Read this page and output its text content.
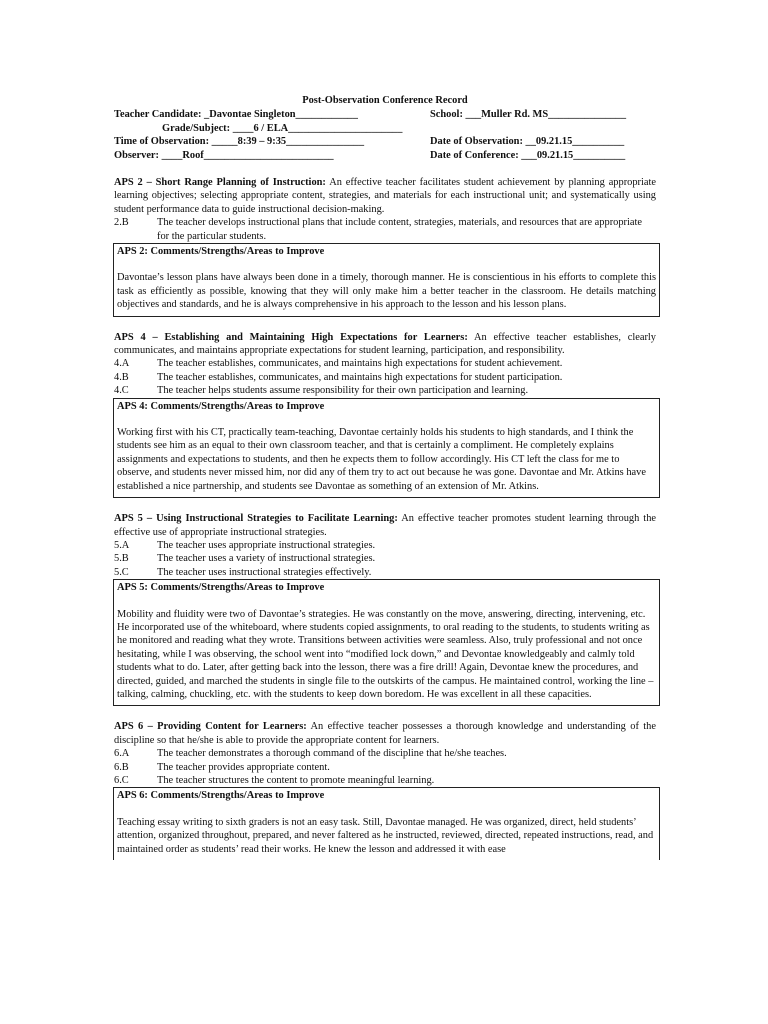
Post-Observation Conference Record
Teacher Candidate: _Davontae Singleton____________	School: ___Muller Rd. MS_______________
Grade/Subject: ____6 / ELA______________________
Time of Observation: _____8:39 – 9:35_______________	Date of Observation: __09.21.15__________
Observer: ____Roof_________________________	Date of Conference: ___09.21.15__________
APS 2 – Short Range Planning of Instruction: An effective teacher facilitates student achievement by planning appropriate learning objectives; selecting appropriate content, strategies, and materials for each instructional unit; and systematically using student performance data to guide instructional decision-making.
2.B	The teacher develops instructional plans that include content, strategies, materials, and resources that are appropriate for the particular students.
APS 2: Comments/Strengths/Areas to Improve
Davontae’s lesson plans have always been done in a timely, thorough manner. He is conscientious in his efforts to complete this task as efficiently as possible, knowing that they will only make him a better teacher in the classroom. He details matching objectives and standards, and he is always comprehensive in his approach to the lesson and his lesson plans.
APS 4 – Establishing and Maintaining High Expectations for Learners: An effective teacher establishes, clearly communicates, and maintains appropriate expectations for student learning, participation, and responsibility.
4.A	The teacher establishes, communicates, and maintains high expectations for student achievement.
4.B	The teacher establishes, communicates, and maintains high expectations for student participation.
4.C	The teacher helps students assume responsibility for their own participation and learning.
APS 4: Comments/Strengths/Areas to Improve
Working first with his CT, practically team-teaching, Davontae certainly holds his students to high standards, and I think the students see him as an equal to their own classroom teacher, and that is certainly a compliment. He completely explains assignments and expectations to students, and then he expects them to follow accordingly. His CT left the class for me to observe, and students never missed him, nor did any of them try to act out because he was gone. Davontae and Mr. Atkins have established a nice partnership, and students see Davontae as something of an extension of Mr. Atkins.
APS 5 – Using Instructional Strategies to Facilitate Learning: An effective teacher promotes student learning through the effective use of appropriate instructional strategies.
5.A	The teacher uses appropriate instructional strategies.
5.B	The teacher uses a variety of instructional strategies.
5.C	The teacher uses instructional strategies effectively.
APS 5: Comments/Strengths/Areas to Improve
Mobility and fluidity were two of Davontae’s strategies. He was constantly on the move, answering, directing, intervening, etc. He incorporated use of the whiteboard, where students copied assignments, to oral reading to the students, to students writing as he monitored and reading what they wrote. Transitions between activities were seamless. Also, truly professional and not once hesitating, while I was observing, the school went into “modified lock down,” and Devontae knowledgeably and calmly told students what to do. Later, after getting back into the lesson, there was a fire drill! Again, Devontae knew the procedures, and directed, guided, and marched the students in single file to the outskirts of the campus. He maintained control, working the line – talking, calming, chuckling, etc. with the students to keep down boredom. He was excellent in all these capacities.
APS 6 – Providing Content for Learners: An effective teacher possesses a thorough knowledge and understanding of the discipline so that he/she is able to provide the appropriate content for learners.
6.A	The teacher demonstrates a thorough command of the discipline that he/she teaches.
6.B	The teacher provides appropriate content.
6.C	The teacher structures the content to promote meaningful learning.
APS 6: Comments/Strengths/Areas to Improve
Teaching essay writing to sixth graders is not an easy task. Still, Davontae managed. He was organized, direct, held students’ attention, organized throughout, prepared, and never faltered as he instructed, reviewed, directed, repeated instructions, read, and maintained order as students’ read their works. He knew the lesson and addressed it with ease
